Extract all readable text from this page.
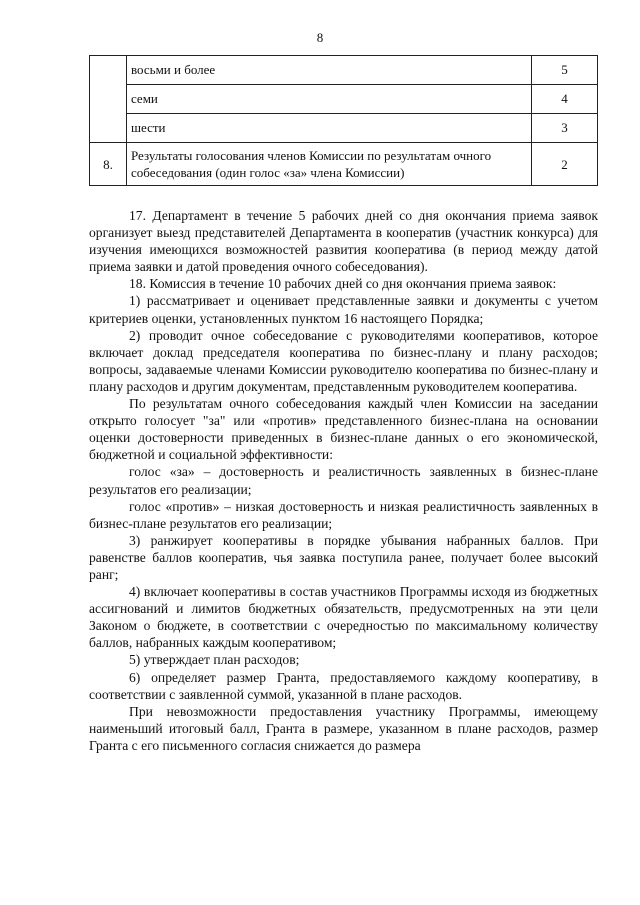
8
	восьми и более	5
	семи	4
	шести	3
8.	Результаты голосования членов Комиссии по результатам очного собеседования (один голос «за» члена Комиссии)	2

17. Департамент в течение 5 рабочих дней со дня окончания приема заявок организует выезд представителей Департамента в кооператив (участник конкурса) для изучения имеющихся возможностей развития кооператива (в период между датой приема заявки и датой проведения очного собеседования).

18. Комиссия в течение 10 рабочих дней со дня окончания приема заявок:

1) рассматривает и оценивает представленные заявки и документы с учетом критериев оценки, установленных пунктом 16 настоящего Порядка;

2) проводит очное собеседование с руководителями кооперативов, которое включает доклад председателя кооператива по бизнес-плану и плану расходов; вопросы, задаваемые членами Комиссии руководителю кооператива по бизнес-плану и плану расходов и другим документам, представленным руководителем кооператива.

По результатам очного собеседования каждый член Комиссии на заседании открыто голосует "за" или «против» представленного бизнес-плана на основании оценки достоверности приведенных в бизнес-плане данных о его экономической, бюджетной и социальной эффективности:

голос «за» – достоверность и реалистичность заявленных в бизнес-плане результатов его реализации;

голос «против» – низкая достоверность и низкая реалистичность заявленных в бизнес-плане результатов его реализации;

3) ранжирует кооперативы в порядке убывания набранных баллов. При равенстве баллов кооператив, чья заявка поступила ранее, получает более высокий ранг;

4) включает кооперативы в состав участников Программы исходя из бюджетных ассигнований и лимитов бюджетных обязательств, предусмотренных на эти цели Законом о бюджете, в соответствии с очередностью по максимальному количеству баллов, набранных каждым кооперативом;

5) утверждает план расходов;

6) определяет размер Гранта, предоставляемого каждому кооперативу, в соответствии с заявленной суммой, указанной в плане расходов.

При невозможности предоставления участнику Программы, имеющему наименьший итоговый балл, Гранта в размере, указанном в плане расходов, размер Гранта с его письменного согласия снижается до размера
